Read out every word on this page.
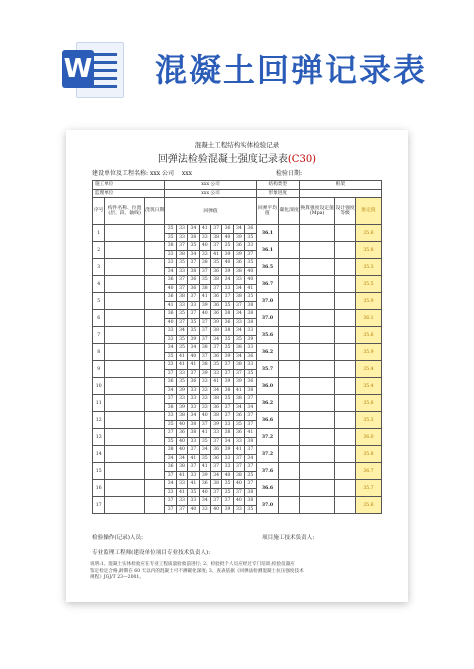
W 混凝土回弹记录表
混凝土工程结构实体检验记录
回弹法检验混凝土强度记录表(C30)
建设单位及工程名称: xxx 公司　 xxx	检验日期:
施工单位			xxx 公司								结构类型		框架		
监理单位			xxx 公司								形象进度				
序号	构件名称、位置(层、段、轴线)	浇筑日期	回弹值								回弹平均值	碳化深度	换算强度设定值(Mpa)	设计强度等级	推定值
1			35	33	34	41	37	36	34	36	36.1				35.6
			35	33	38	33	38	40	39	35					
2			38	37	35	40	37	35	36	33	36.1				35.8
			33	38	34	33	41	39	39	37					
3			33	35	37	38	35	40	36	35	36.5				35.3
			34	33	38	37	36	39	38	40					
4			36	37	36	35	38	34	33	40	36.7				35.5
			40	37	36	38	37	33	34	41					
5			36	38	37	41	36	37	38	35	37.0				35.9
			41	33	33	39	36	35	37	38					
6			36	35	37	40	36	38	34	38	37.0				36.1
			40	37	35	37	39	36	33	38					
7			33	34	35	37	38	38	34	33	35.6				35.6
			33	35	39	37	34	35	35	39					
8			34	35	34	38	37	35	38	33	36.2				35.9
			35	41	40	37	36	39	34	36					
9			33	41	41	38	35	37	38	33	35.7				35.4
			37	33	37	39	33	37	37	35					
10			36	35	36	33	41	39	39	36	36.0				35.4
			34	39	33	33	34	38	41	38					
11			37	33	33	33	38	35	38	37	36.2				35.6
			38	39	33	33	36	37	34	34					
12			33	38	34	40	38	37	36	37	36.6				35.3
			35	40	38	37	39	33	35	37					
13			37	36	38	41	33	38	36	41	37.2				36.0
			35	40	33	35	37	34	33	38					
14			38	40	37	34	36	39	41	37	37.2				35.8
			34	34	41	35	36	33	37	34					
15			36	38	37	41	37	33	37	37	37.6				36.7
			37	41	33	39	34	40	38	35					
16			34	33	41	36	38	35	40	37	36.6				35.7
			33	41	35	40	37	35	37	38					
17			37	33	33	34	37	37	40	38	37.0				35.6
			37	37	40	33	40	39	33	35					
检验操作(记录)人员:	项目施工技术负责人:
专业监理工程师(建设单位项目专业技术负责人):
说明:1、混凝土实体检验应在专业工程质量验收前进行; 2、检验批个人员应经过专门培训;检验仪器应
鉴定检定合格,龄期在 60 天以内的混凝土可不测碳化深度; 3、查表依据《回弹法检测混凝土抗压强度技术
规程》JGJ/T 23—2001。
